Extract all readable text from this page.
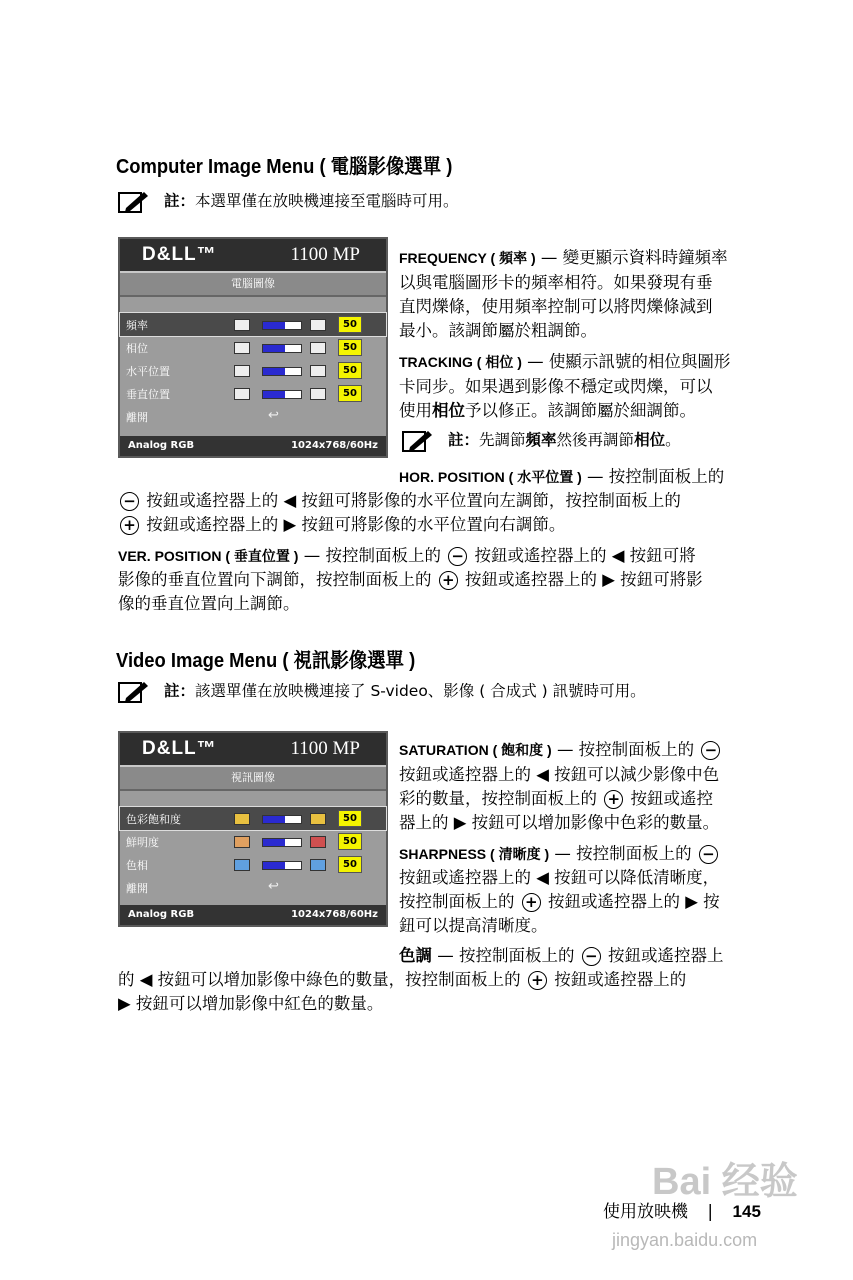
Computer Image Menu ( 電腦影像選單 )
註：本選單僅在放映機連接至電腦時可用。
D&LL™	1100 MP
電腦圖像
頻率	50
相位	50
水平位置	50
垂直位置	50
離開	↩
Analog RGB	1024x768/60Hz
FREQUENCY ( 頻率 ) — 變更顯示資料時鐘頻率
以與電腦圖形卡的頻率相符。如果發現有垂
直閃爍條，使用頻率控制可以將閃爍條減到
最小。該調節屬於粗調節。
TRACKING ( 相位 ) — 使顯示訊號的相位與圖形
卡同步。如果遇到影像不穩定或閃爍，可以
使用相位予以修正。該調節屬於細調節。
註：先調節頻率然後再調節相位。
HOR. POSITION ( 水平位置 ) — 按控制面板上的
− 按鈕或遙控器上的 ◀ 按鈕可將影像的水平位置向左調節，按控制面板上的
+ 按鈕或遙控器上的 ▶ 按鈕可將影像的水平位置向右調節。
VER. POSITION ( 垂直位置 ) — 按控制面板上的 − 按鈕或遙控器上的 ◀ 按鈕可將
影像的垂直位置向下調節，按控制面板上的 + 按鈕或遙控器上的 ▶ 按鈕可將影
像的垂直位置向上調節。
Video Image Menu ( 視訊影像選單 )
註：該選單僅在放映機連接了 S-video、影像 ( 合成式 ) 訊號時可用。
D&LL™	1100 MP
視訊圖像
色彩飽和度	50
鮮明度	50
色相	50
離開	↩
Analog RGB	1024x768/60Hz
SATURATION ( 飽和度 ) — 按控制面板上的 −
按鈕或遙控器上的 ◀ 按鈕可以減少影像中色
彩的數量，按控制面板上的 + 按鈕或遙控
器上的 ▶ 按鈕可以增加影像中色彩的數量。
SHARPNESS ( 清晰度 ) — 按控制面板上的 −
按鈕或遙控器上的 ◀ 按鈕可以降低清晰度，
按控制面板上的 + 按鈕或遙控器上的 ▶ 按
鈕可以提高清晰度。
色調 — 按控制面板上的 − 按鈕或遙控器上
的 ◀ 按鈕可以增加影像中綠色的數量，按控制面板上的 + 按鈕或遙控器上的
▶ 按鈕可以增加影像中紅色的數量。
Bai 经验
jingyan.baidu.com
使用放映機 | 145
